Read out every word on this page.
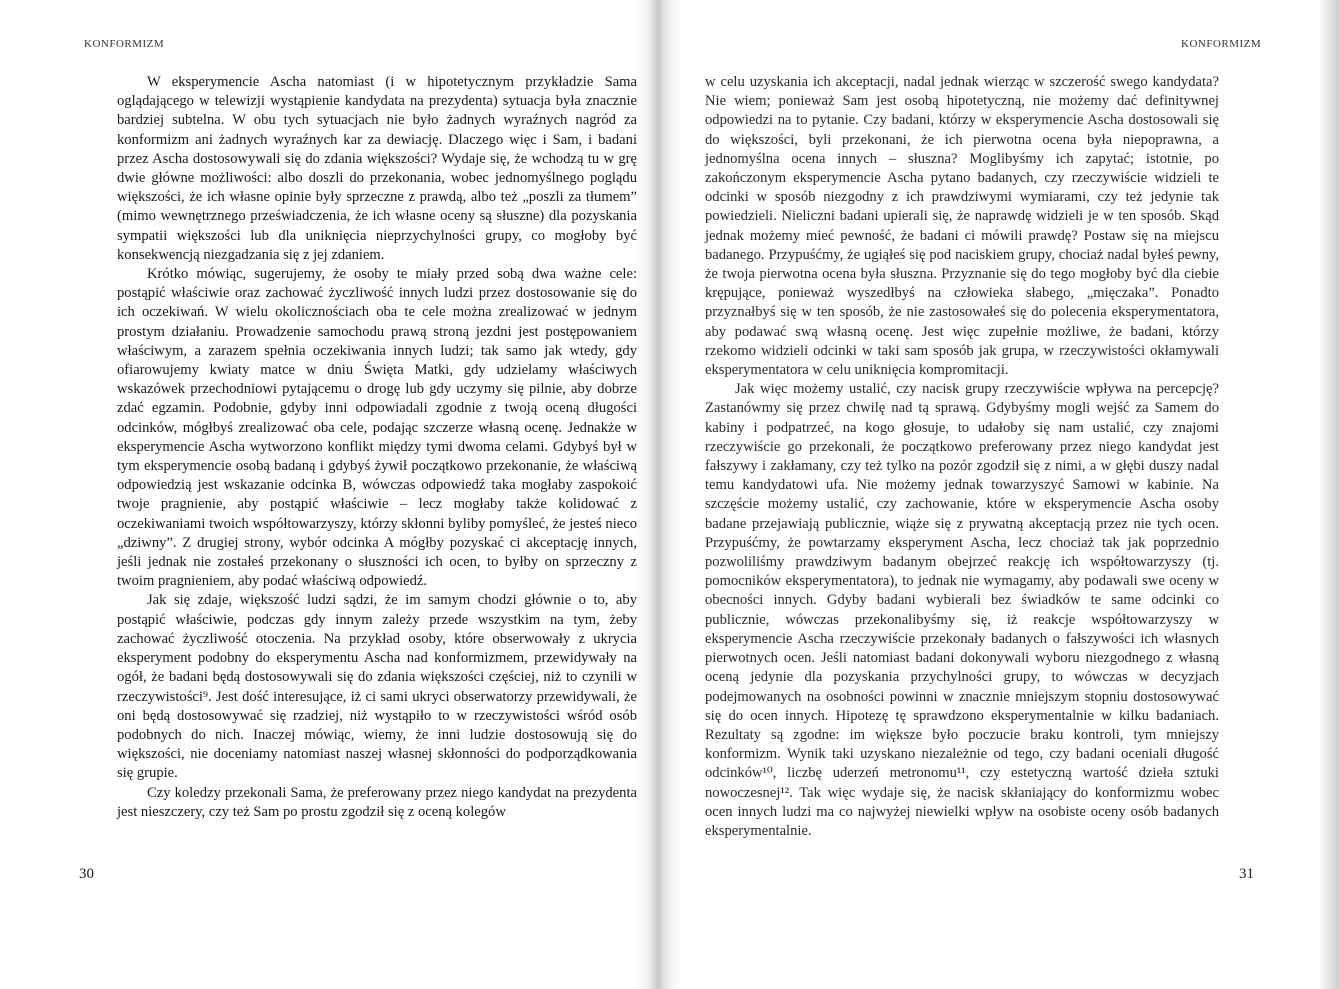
KONFORMIZM	KONFORMIZM

W eksperymencie Ascha natomiast (i w hipotetycznym przykładzie Sama oglądającego w telewizji wystąpienie kandydata na prezydenta) sytuacja była znacznie bardziej subtelna. W obu tych sytuacjach nie było żadnych wyraźnych nagród za konformizm ani żadnych wyraźnych kar za dewiację. Dlaczego więc i Sam, i badani przez Ascha dostosowywali się do zdania większości? Wydaje się, że wchodzą tu w grę dwie główne możliwości: albo doszli do przekonania, wobec jednomyślnego poglądu większości, że ich własne opinie były sprzeczne z prawdą, albo też „poszli za tłumem” (mimo wewnętrznego przeświadczenia, że ich własne oceny są słuszne) dla pozyskania sympatii większości lub dla uniknięcia nieprzychylności grupy, co mogłoby być konsekwencją niezgadzania się z jej zdaniem.

Krótko mówiąc, sugerujemy, że osoby te miały przed sobą dwa ważne cele: postąpić właściwie oraz zachować życzliwość innych ludzi przez dostosowanie się do ich oczekiwań. W wielu okolicznościach oba te cele można zrealizować w jednym prostym działaniu. Prowadzenie samochodu prawą stroną jezdni jest postępowaniem właściwym, a zarazem spełnia oczekiwania innych ludzi; tak samo jak wtedy, gdy ofiarowujemy kwiaty matce w dniu Święta Matki, gdy udzielamy właściwych wskazówek przechodniowi pytającemu o drogę lub gdy uczymy się pilnie, aby dobrze zdać egzamin. Podobnie, gdyby inni odpowiadali zgodnie z twoją oceną długości odcinków, mógłbyś zrealizować oba cele, podając szczerze własną ocenę. Jednakże w eksperymencie Ascha wytworzono konflikt między tymi dwoma celami. Gdybyś był w tym eksperymencie osobą badaną i gdybyś żywił początkowo przekonanie, że właściwą odpowiedzią jest wskazanie odcinka B, wówczas odpowiedź taka mogłaby zaspokoić twoje pragnienie, aby postąpić właściwie – lecz mogłaby także kolidować z oczekiwaniami twoich współtowarzyszy, którzy skłonni byliby pomyśleć, że jesteś nieco „dziwny”. Z drugiej strony, wybór odcinka A mógłby pozyskać ci akceptację innych, jeśli jednak nie zostałeś przekonany o słuszności ich ocen, to byłby on sprzeczny z twoim pragnieniem, aby podać właściwą odpowiedź.

Jak się zdaje, większość ludzi sądzi, że im samym chodzi głównie o to, aby postąpić właściwie, podczas gdy innym zależy przede wszystkim na tym, żeby zachować życzliwość otoczenia. Na przykład osoby, które obserwowały z ukrycia eksperyment podobny do eksperymentu Ascha nad konformizmem, przewidywały na ogół, że badani będą dostosowywali się do zdania większości częściej, niż to czynili w rzeczywistości⁹. Jest dość interesujące, iż ci sami ukryci obserwatorzy przewidywali, że oni będą dostosowywać się rzadziej, niż wystąpiło to w rzeczywistości wśród osób podobnych do nich. Inaczej mówiąc, wiemy, że inni ludzie dostosowują się do większości, nie doceniamy natomiast naszej własnej skłonności do podporządkowania się grupie.

Czy koledzy przekonali Sama, że preferowany przez niego kandydat na prezydenta jest nieszczery, czy też Sam po prostu zgodził się z oceną kolegów

w celu uzyskania ich akceptacji, nadal jednak wierząc w szczerość swego kandydata? Nie wiem; ponieważ Sam jest osobą hipotetyczną, nie możemy dać definitywnej odpowiedzi na to pytanie. Czy badani, którzy w eksperymencie Ascha dostosowali się do większości, byli przekonani, że ich pierwotna ocena była niepoprawna, a jednomyślna ocena innych – słuszna? Moglibyśmy ich zapytać; istotnie, po zakończonym eksperymencie Ascha pytano badanych, czy rzeczywiście widzieli te odcinki w sposób niezgodny z ich prawdziwymi wymiarami, czy też jedynie tak powiedzieli. Nieliczni badani upierali się, że naprawdę widzieli je w ten sposób. Skąd jednak możemy mieć pewność, że badani ci mówili prawdę? Postaw się na miejscu badanego. Przypuśćmy, że ugiąłeś się pod naciskiem grupy, chociaż nadal byłeś pewny, że twoja pierwotna ocena była słuszna. Przyznanie się do tego mogłoby być dla ciebie krępujące, ponieważ wyszedłbyś na człowieka słabego, „mięczaka”. Ponadto przyznałbyś się w ten sposób, że nie zastosowałeś się do polecenia eksperymentatora, aby podawać swą własną ocenę. Jest więc zupełnie możliwe, że badani, którzy rzekomo widzieli odcinki w taki sam sposób jak grupa, w rzeczywistości okłamywali eksperymentatora w celu uniknięcia kompromitacji.

Jak więc możemy ustalić, czy nacisk grupy rzeczywiście wpływa na percepcję? Zastanówmy się przez chwilę nad tą sprawą. Gdybyśmy mogli wejść za Samem do kabiny i podpatrzeć, na kogo głosuje, to udałoby się nam ustalić, czy znajomi rzeczywiście go przekonali, że początkowo preferowany przez niego kandydat jest fałszywy i zakłamany, czy też tylko na pozór zgodził się z nimi, a w głębi duszy nadal temu kandydatowi ufa. Nie możemy jednak towarzyszyć Samowi w kabinie. Na szczęście możemy ustalić, czy zachowanie, które w eksperymencie Ascha osoby badane przejawiają publicznie, wiąże się z prywatną akceptacją przez nie tych ocen. Przypuśćmy, że powtarzamy eksperyment Ascha, lecz chociaż tak jak poprzednio pozwoliliśmy prawdziwym badanym obejrzeć reakcję ich współtowarzyszy (tj. pomocników eksperymentatora), to jednak nie wymagamy, aby podawali swe oceny w obecności innych. Gdyby badani wybierali bez świadków te same odcinki co publicznie, wówczas przekonalibyśmy się, iż reakcje współtowarzyszy w eksperymencie Ascha rzeczywiście przekonały badanych o fałszywości ich własnych pierwotnych ocen. Jeśli natomiast badani dokonywali wyboru niezgodnego z własną oceną jedynie dla pozyskania przychylności grupy, to wówczas w decyzjach podejmowanych na osobności powinni w znacznie mniejszym stopniu dostosowywać się do ocen innych. Hipotezę tę sprawdzono eksperymentalnie w kilku badaniach. Rezultaty są zgodne: im większe było poczucie braku kontroli, tym mniejszy konformizm. Wynik taki uzyskano niezależnie od tego, czy badani oceniali długość odcinków¹⁰, liczbę uderzeń metronomu¹¹, czy estetyczną wartość dzieła sztuki nowoczesnej¹². Tak więc wydaje się, że nacisk skłaniający do konformizmu wobec ocen innych ludzi ma co najwyżej niewielki wpływ na osobiste oceny osób badanych eksperymentalnie.

30	31
